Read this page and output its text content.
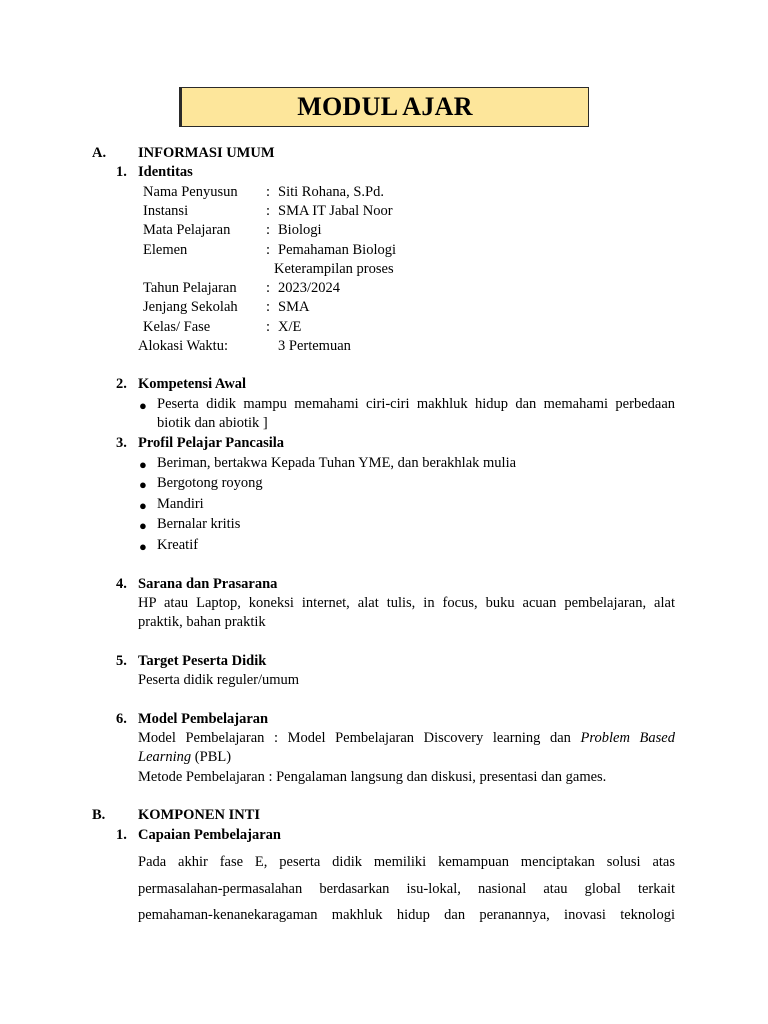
MODUL AJAR
A. INFORMASI UMUM
1. Identitas
Nama Penyusun : Siti Rohana, S.Pd.
Instansi	: SMA IT Jabal Noor
Mata Pelajaran : Biologi
Elemen	: Pemahaman Biologi
Keterampilan proses
Tahun Pelajaran : 2023/2024
Jenjang Sekolah : SMA
Kelas/ Fase	: X/E
Alokasi Waktu:	3 Pertemuan
2. Kompetensi Awal
● Peserta didik mampu memahami ciri-ciri makhluk hidup dan memahami perbedaan
biotik dan abiotik ]
3. Profil Pelajar Pancasila
● Beriman, bertakwa Kepada Tuhan YME, dan berakhlak mulia
● Bergotong royong
● Mandiri
● Bernalar kritis
● Kreatif
4. Sarana dan Prasarana
HP atau Laptop, koneksi internet, alat tulis, in focus, buku acuan pembelajaran, alat
praktik, bahan praktik
5. Target Peserta Didik
Peserta didik reguler/umum
6. Model Pembelajaran
Model Pembelajaran : Model Pembelajaran Discovery learning dan Problem Based
Learning (PBL)
Metode Pembelajaran : Pengalaman langsung dan diskusi, presentasi dan games.
B. KOMPONEN INTI
1. Capaian Pembelajaran
Pada akhir fase E, peserta didik memiliki kemampuan menciptakan solusi atas
permasalahan-permasalahan berdasarkan isu-lokal, nasional atau global terkait
pemahaman-kenanekaragaman makhluk hidup dan peranannya, inovasi teknologi
